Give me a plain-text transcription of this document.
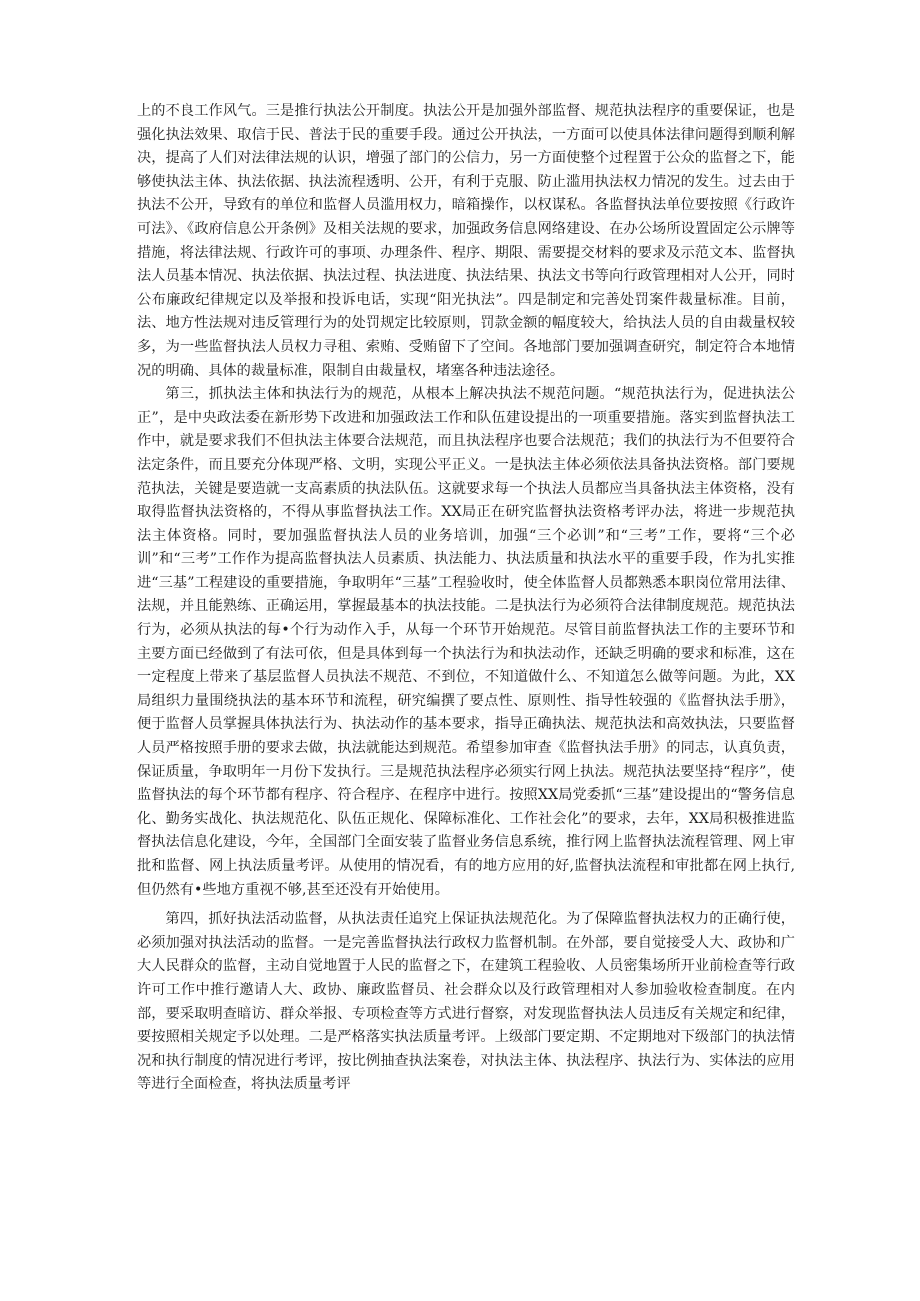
上的不良工作风气。三是推行执法公开制度。执法公开是加强外部监督、规范执法程序的重要保证，也是强化执法效果、取信于民、普法于民的重要手段。通过公开执法，一方面可以使具体法律问题得到顺利解决，提高了人们对法律法规的认识，增强了部门的公信力，另一方面使整个过程置于公众的监督之下，能够使执法主体、执法依据、执法流程透明、公开，有利于克服、防止滥用执法权力情况的发生。过去由于执法不公开，导致有的单位和监督人员滥用权力，暗箱操作，以权谋私。各监督执法单位要按照《行政许可法》、《政府信息公开条例》及相关法规的要求，加强政务信息网络建设、在办公场所设置固定公示牌等措施，将法律法规、行政许可的事项、办理条件、程序、期限、需要提交材料的要求及示范文本、监督执法人员基本情况、执法依据、执法过程、执法进度、执法结果、执法文书等向行政管理相对人公开，同时公布廉政纪律规定以及举报和投诉电话，实现“阳光执法”。四是制定和完善处罚案件裁量标准。目前，法、地方性法规对违反管理行为的处罚规定比较原则，罚款金额的幅度较大，给执法人员的自由裁量权较多，为一些监督执法人员权力寻租、索贿、受贿留下了空间。各地部门要加强调查研究，制定符合本地情况的明确、具体的裁量标准，限制自由裁量权，堵塞各种违法途径。

第三，抓执法主体和执法行为的规范，从根本上解决执法不规范问题。“规范执法行为，促进执法公正”，是中央政法委在新形势下改进和加强政法工作和队伍建设提出的一项重要措施。落实到监督执法工作中，就是要求我们不但执法主体要合法规范，而且执法程序也要合法规范；我们的执法行为不但要符合法定条件，而且要充分体现严格、文明，实现公平正义。一是执法主体必须依法具备执法资格。部门要规范执法，关键是要造就一支高素质的执法队伍。这就要求每一个执法人员都应当具备执法主体资格，没有取得监督执法资格的，不得从事监督执法工作。XX局正在研究监督执法资格考评办法，将进一步规范执法主体资格。同时，要加强监督执法人员的业务培训，加强“三个必训”和“三考”工作，要将“三个必训”和“三考”工作作为提高监督执法人员素质、执法能力、执法质量和执法水平的重要手段，作为扎实推进“三基”工程建设的重要措施，争取明年“三基”工程验收时，使全体监督人员都熟悉本职岗位常用法律、法规，并且能熟练、正确运用，掌握最基本的执法技能。二是执法行为必须符合法律制度规范。规范执法行为，必须从执法的每•个行为动作入手，从每一个环节开始规范。尽管目前监督执法工作的主要环节和主要方面已经做到了有法可依，但是具体到每一个执法行为和执法动作，还缺乏明确的要求和标准，这在一定程度上带来了基层监督人员执法不规范、不到位，不知道做什么、不知道怎么做等问题。为此，XX局组织力量围绕执法的基本环节和流程，研究编撰了要点性、原则性、指导性较强的《监督执法手册》，便于监督人员掌握具体执法行为、执法动作的基本要求，指导正确执法、规范执法和高效执法，只要监督人员严格按照手册的要求去做，执法就能达到规范。希望参加审查《监督执法手册》的同志，认真负责，保证质量，争取明年一月份下发执行。三是规范执法程序必须实行网上执法。规范执法要坚持“程序”，使监督执法的每个环节都有程序、符合程序、在程序中进行。按照XX局党委抓“三基”建设提出的“警务信息化、勤务实战化、执法规范化、队伍正规化、保障标准化、工作社会化”的要求，去年，XX局积极推进监督执法信息化建设，今年，全国部门全面安装了监督业务信息系统，推行网上监督执法流程管理、网上审批和监督、网上执法质量考评。从使用的情况看，有的地方应用的好,监督执法流程和审批都在网上执行,但仍然有•些地方重视不够,甚至还没有开始使用。

第四，抓好执法活动监督，从执法责任追究上保证执法规范化。为了保障监督执法权力的正确行使，必须加强对执法活动的监督。一是完善监督执法行政权力监督机制。在外部，要自觉接受人大、政协和广大人民群众的监督，主动自觉地置于人民的监督之下，在建筑工程验收、人员密集场所开业前检查等行政许可工作中推行邀请人大、政协、廉政监督员、社会群众以及行政管理相对人参加验收检查制度。在内部，要采取明查暗访、群众举报、专项检查等方式进行督察，对发现监督执法人员违反有关规定和纪律，要按照相关规定予以处理。二是严格落实执法质量考评。上级部门要定期、不定期地对下级部门的执法情况和执行制度的情况进行考评，按比例抽查执法案卷，对执法主体、执法程序、执法行为、实体法的应用等进行全面检查，将执法质量考评
